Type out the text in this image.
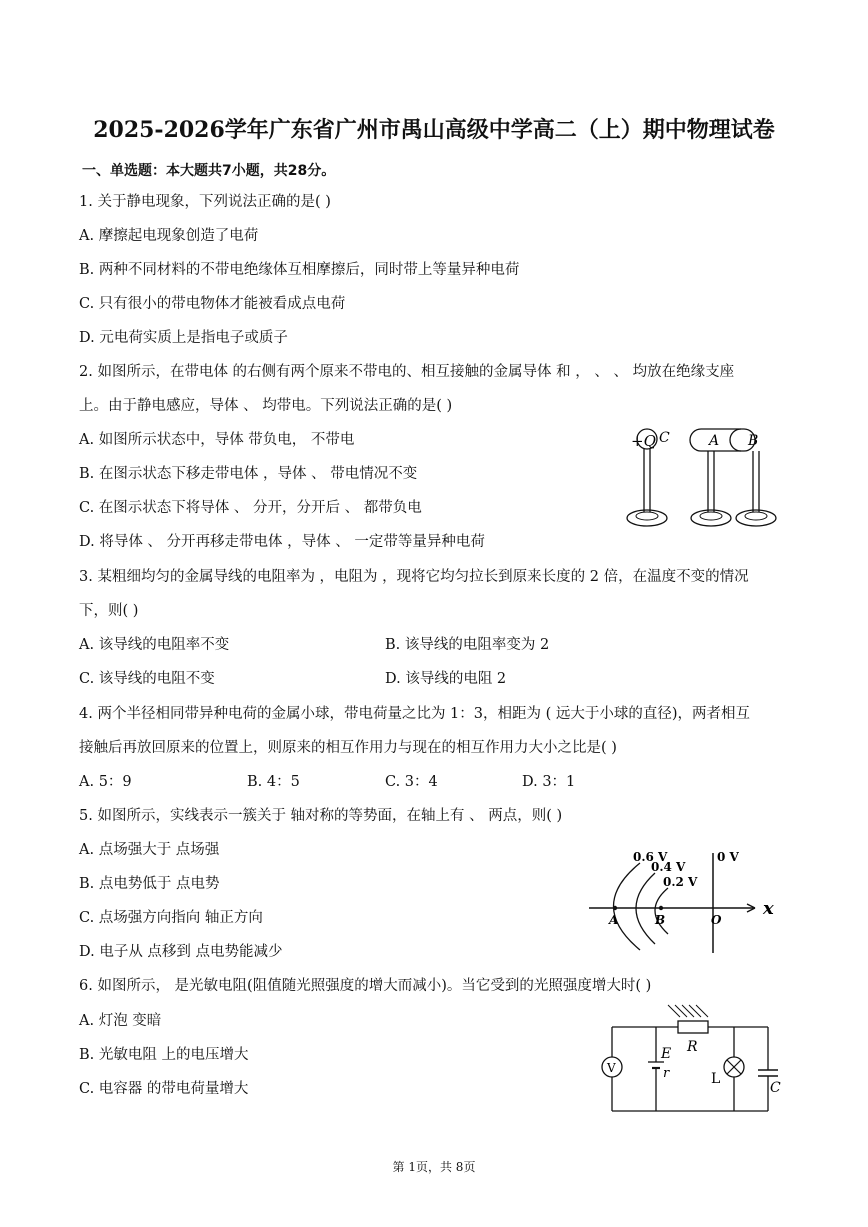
2025-2026学年广东省广州市禺山高级中学高二（上）期中物理试卷
一、单选题：本大题共7小题，共28分。
1. 关于静电现象，下列说法正确的是( )
A. 摩擦起电现象创造了电荷
B. 两种不同材料的不带电绝缘体互相摩擦后，同时带上等量异种电荷
C. 只有很小的带电物体才能被看成点电荷
D. 元电荷实质上是指电子或质子
2. 如图所示，在带电体 的右侧有两个原来不带电的、相互接触的金属导体 和 ， 、 、 均放在绝缘支座
上。由于静电感应，导体 、 均带电。下列说法正确的是( )
A. 如图所示状态中，导体 带负电， 不带电
B. 在图示状态下移走带电体 ，导体 、 带电情况不变
C. 在图示状态下将导体 、 分开，分开后 、 都带负电
D. 将导体 、 分开再移走带电体 ，导体 、 一定带等量异种电荷
+Q C	A B
3. 某粗细均匀的金属导线的电阻率为 ，电阻为 ，现将它均匀拉长到原来长度的 2 倍，在温度不变的情况
下，则( )
A. 该导线的电阻率不变	B. 该导线的电阻率变为 2
C. 该导线的电阻不变	D. 该导线的电阻 2
4. 两个半径相同带异种电荷的金属小球，带电荷量之比为 1：3，相距为 ( 远大于小球的直径)，两者相互
接触后再放回原来的位置上，则原来的相互作用力与现在的相互作用力大小之比是( )
A. 5：9	B. 4：5	C. 3：4	D. 3：1
5. 如图所示，实线表示一簇关于 轴对称的等势面，在轴上有 、 两点，则( )
A. 点场强大于 点场强
B. 点电势低于 点电势
C. 点场强方向指向 轴正方向
D. 电子从 点移到 点电势能减少
0.6 V
0.4 V
0.2 V
0 V
A	B	O
x
6. 如图所示， 是光敏电阻(阻值随光照强度的增大而减小)。当它受到的光照强度增大时( )
A. 灯泡 变暗
B. 光敏电阻 上的电压增大
C. 电容器 的带电荷量增大
R
V
E
r	L
C
第 1页，共 8页
